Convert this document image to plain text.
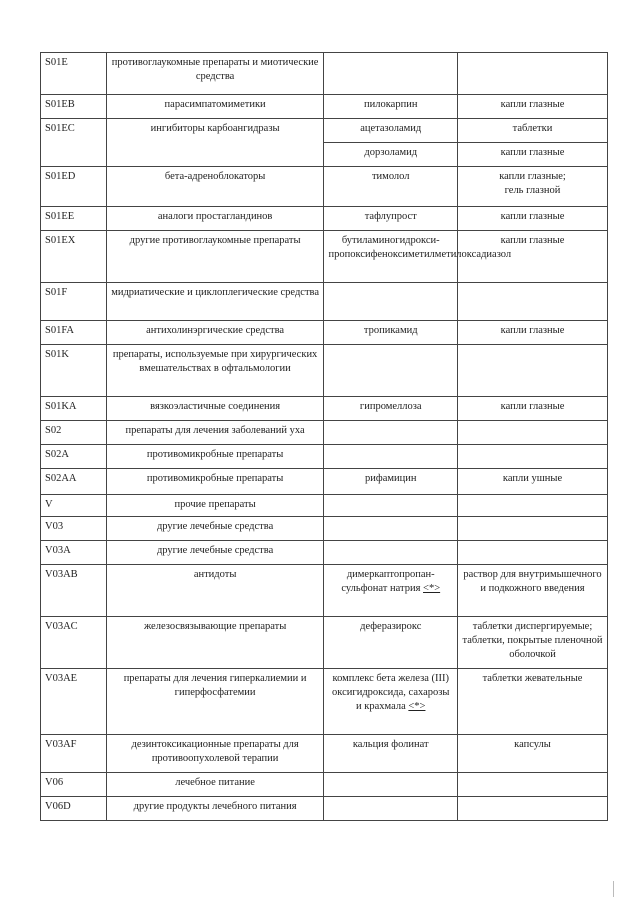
S01E	противоглаукомные препараты и миотические средства		
S01EB	парасимпатомиметики	пилокарпин	капли глазные
S01EC	ингибиторы карбоангидразы	ацетазоламид	таблетки
		дорзоламид	капли глазные
S01ED	бета-адреноблокаторы	тимолол	капли глазные;
гель глазной
S01EE	аналоги простагландинов	тафлупрост	капли глазные
S01EX	другие противоглаукомные препараты	бутиламиногидрокси-пропоксифеноксиметилметилоксадиазол	капли глазные
S01F	мидриатические и циклоплегические средства		
S01FA	антихолинэргические средства	тропикамид	капли глазные
S01K	препараты, используемые при хирургических вмешательствах в офтальмологии		
S01KA	вязкоэластичные соединения	гипромеллоза	капли глазные
S02	препараты для лечения заболеваний уха		
S02A	противомикробные препараты		
S02AA	противомикробные препараты	рифамицин	капли ушные
V	прочие препараты		
V03	другие лечебные средства		
V03A	другие лечебные средства		
V03AB	антидоты	димеркаптопропан-сульфонат натрия <*>	раствор для внутримышечного и подкожного введения
V03AC	железосвязывающие препараты	деферазирокс	таблетки диспергируемые; таблетки, покрытые пленочной оболочкой
V03AE	препараты для лечения гиперкалиемии и гиперфосфатемии	комплекс бета железа (III) оксигидроксида, сахарозы и крахмала <*>	таблетки жевательные
V03AF	дезинтоксикационные препараты для противоопухолевой терапии	кальция фолинат	капсулы
V06	лечебное питание		
V06D	другие продукты лечебного питания		
